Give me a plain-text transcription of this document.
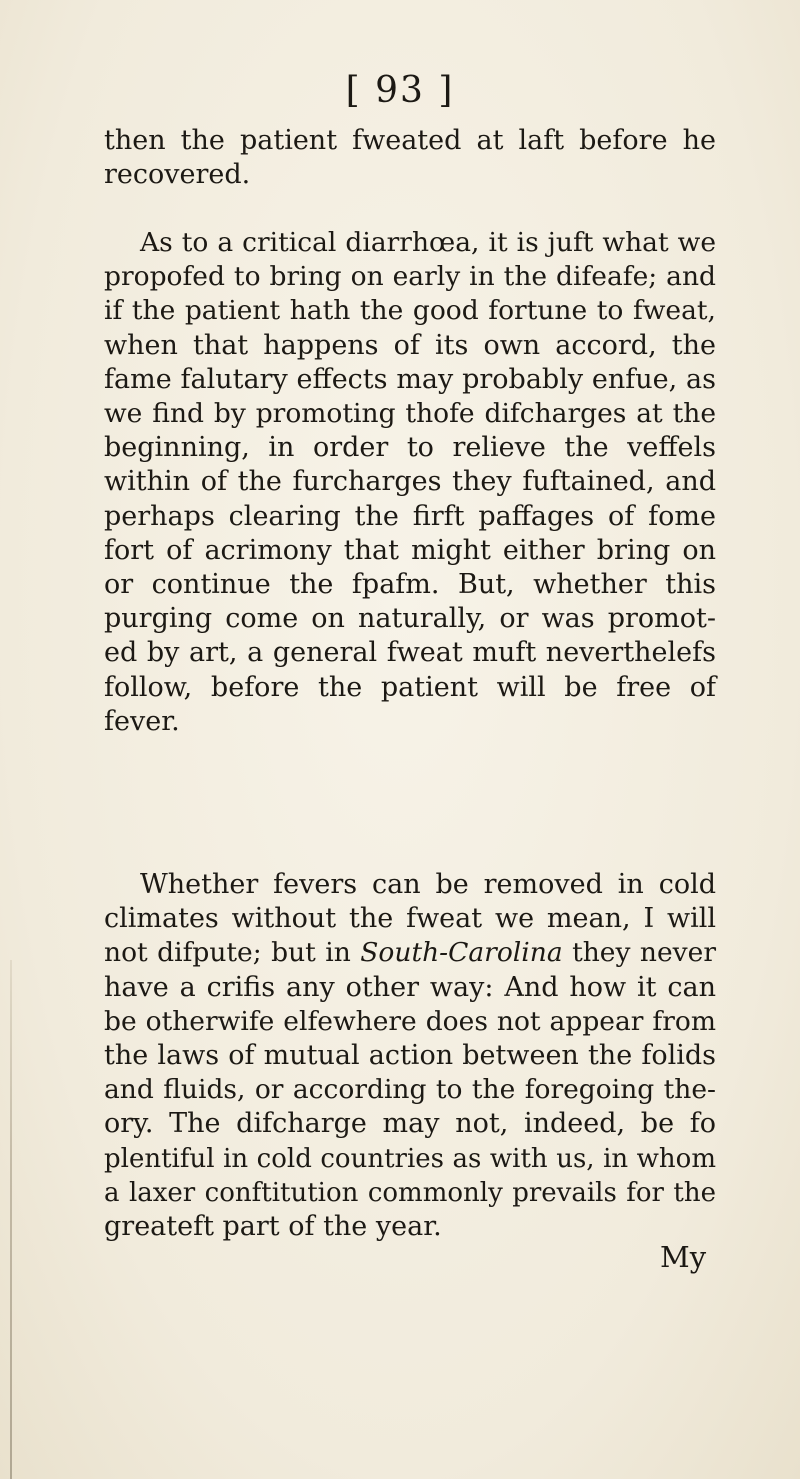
[ 93 ]
then the patient fweated at laft before he
recovered.
As to a critical diarrhœa, it is juft what we
propofed to bring on early in the difeafe; and
if the patient hath the good fortune to fweat,
when that happens of its own accord, the
fame falutary effects may probably enfue, as
we find by promoting thofe difcharges at the
beginning, in order to relieve the veffels
within of the furcharges they fuftained, and
perhaps clearing the firft paffages of fome
fort of acrimony that might either bring on
or continue the fpafm. But, whether this
purging come on naturally, or was promot-
ed by art, a general fweat muft neverthelefs
follow, before the patient will be free of
fever.
Whether fevers can be removed in cold
climates without the fweat we mean, I will
not difpute; but in South-Carolina they never
have a crifis any other way: And how it can
be otherwife elfewhere does not appear from
the laws of mutual action between the folids
and fluids, or according to the foregoing the-
ory. The difcharge may not, indeed, be fo
plentiful in cold countries as with us, in whom
a laxer conftitution commonly prevails for the
greateft part of the year.
My
